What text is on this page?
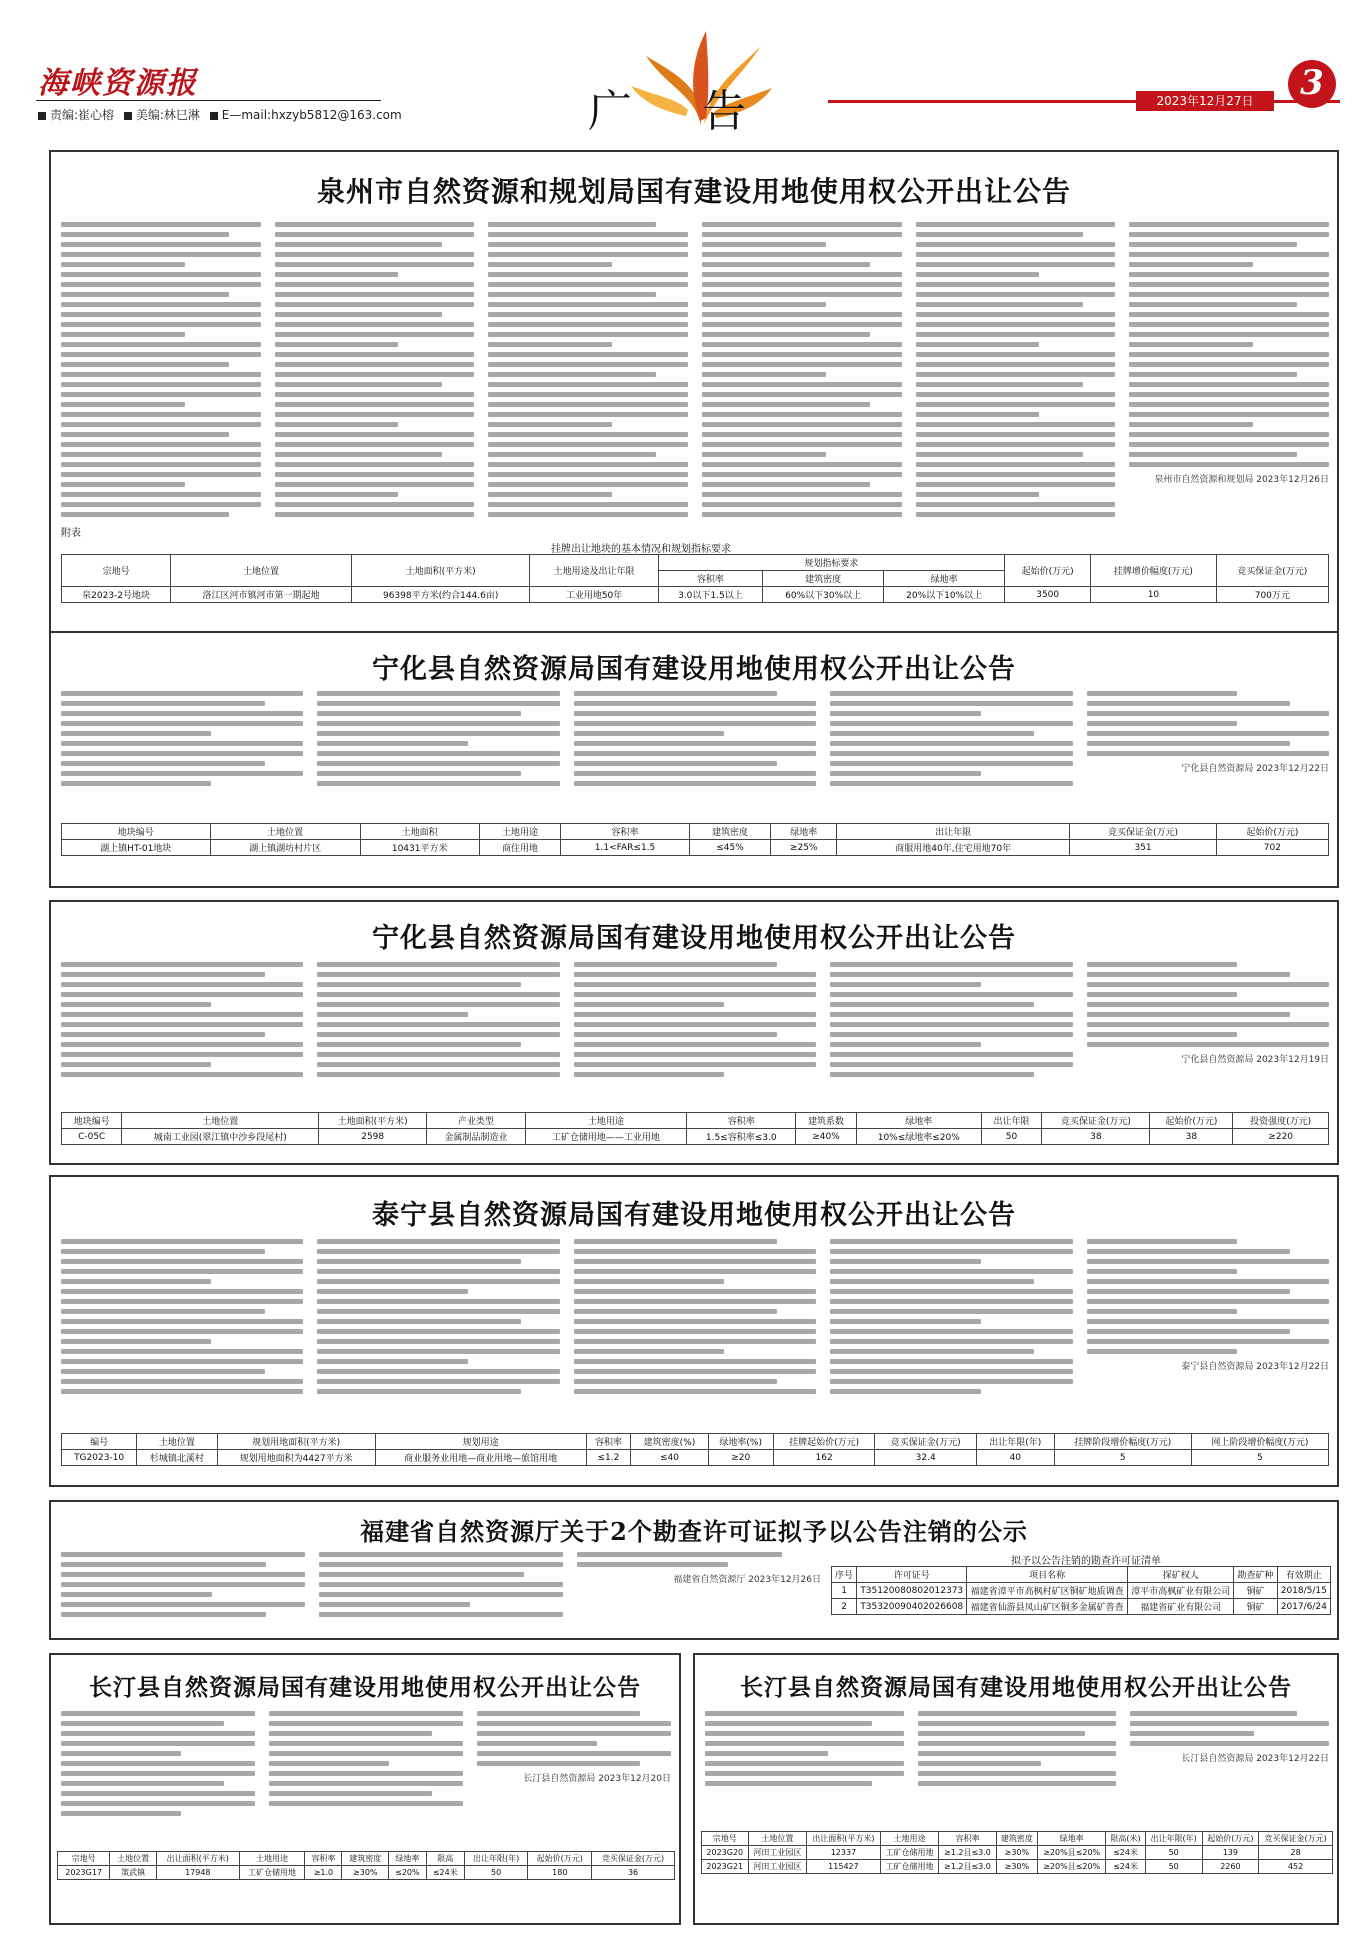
海峡资源报
责编:崔心榕 美编:林巳淋 E—mail:hxzyb5812@163.com	广告	2023年12月27日	3
泉州市自然资源和规划局国有建设用地使用权公开出让公告
泉州市自然资源和规划局 2023年12月26日
附表
挂牌出让地块的基本情况和规划指标要求
宗地号	土地位置	土地面积(平方米)	土地用途及出让年限	规划指标要求			起始价(万元)	挂牌增价幅度(万元)	竞买保证金(万元)
				容积率	建筑密度	绿地率			
泉2023-2号地块	洛江区河市镇河市第一期起地	96398平方米(约合144.6亩)	工业用地50年	3.0以下1.5以上	60%以下30%以上	20%以下10%以上	3500	10	700万元
宁化县自然资源局国有建设用地使用权公开出让公告
宁化县自然资源局 2023年12月22日
地块编号	土地位置	土地面积	土地用途	容积率	建筑密度	绿地率	出让年限	竞买保证金(万元)	起始价(万元)
湖上镇HT-01地块	湖上镇湖坊村片区	10431平方米	商住用地	1.1<FAR≤1.5	≤45%	≥25%	商服用地40年,住宅用地70年	351	702
宁化县自然资源局国有建设用地使用权公开出让公告
宁化县自然资源局 2023年12月19日
地块编号	土地位置	土地面积(平方米)	产业类型	土地用途	容积率	建筑系数	绿地率	出让年限	竞买保证金(万元)	起始价(万元)	投资强度(万元)
C-05C	城南工业园(翠江镇中沙乡段尾村)	2598	金属制品制造业	工矿仓储用地——工业用地	1.5≤容积率≤3.0	≥40%	10%≤绿地率≤20%	50	38	38	≥220
泰宁县自然资源局国有建设用地使用权公开出让公告
泰宁县自然资源局 2023年12月22日
编号	土地位置	规划用地面积(平方米)	规划用途	容积率	建筑密度(%)	绿地率(%)	挂牌起始价(万元)	竞买保证金(万元)	出让年限(年)	挂牌阶段增价幅度(万元)	网上阶段增价幅度(万元)
TG2023-10	杉城镇北溪村	规划用地面积为4427平方米	商业服务业用地—商业用地—旅馆用地	≤1.2	≤40	≥20	162	32.4	40	5	5
福建省自然资源厅关于2个勘查许可证拟予以公告注销的公示
福建省自然资源厅 2023年12月26日
拟予以公告注销的勘查许可证清单
序号	许可证号	项目名称	探矿权人	勘查矿种	有效期止
1	T35120080802012373	福建省漳平市高枫村矿区铜矿地质调查	漳平市高枫矿业有限公司	铜矿	2018/5/15
2	T35320090402026608	福建省仙游县凤山矿区铜多金属矿普查	福建省矿业有限公司	铜矿	2017/6/24
长汀县自然资源局国有建设用地使用权公开出让公告
长汀县自然资源局 2023年12月20日
宗地号	土地位置	出让面积(平方米)	土地用途	容积率	建筑密度	绿地率	限高	出让年限(年)	起始价(万元)	竞买保证金(万元)
2023G17	策武镇	17948	工矿仓储用地	≥1.0	≥30%	≤20%	≤24米	50	180	36
长汀县自然资源局国有建设用地使用权公开出让公告
长汀县自然资源局 2023年12月22日
宗地号	土地位置	出让面积(平方米)	土地用途	容积率	建筑密度	绿地率	限高(米)	出让年限(年)	起始价(万元)	竞买保证金(万元)
2023G20	河田工业园区	12337	工矿仓储用地	≥1.2且≤3.0	≥30%	≥20%且≤20%	≤24米	50	139	28
2023G21	河田工业园区	115427	工矿仓储用地	≥1.2且≤3.0	≥30%	≥20%且≤20%	≤24米	50	2260	452
